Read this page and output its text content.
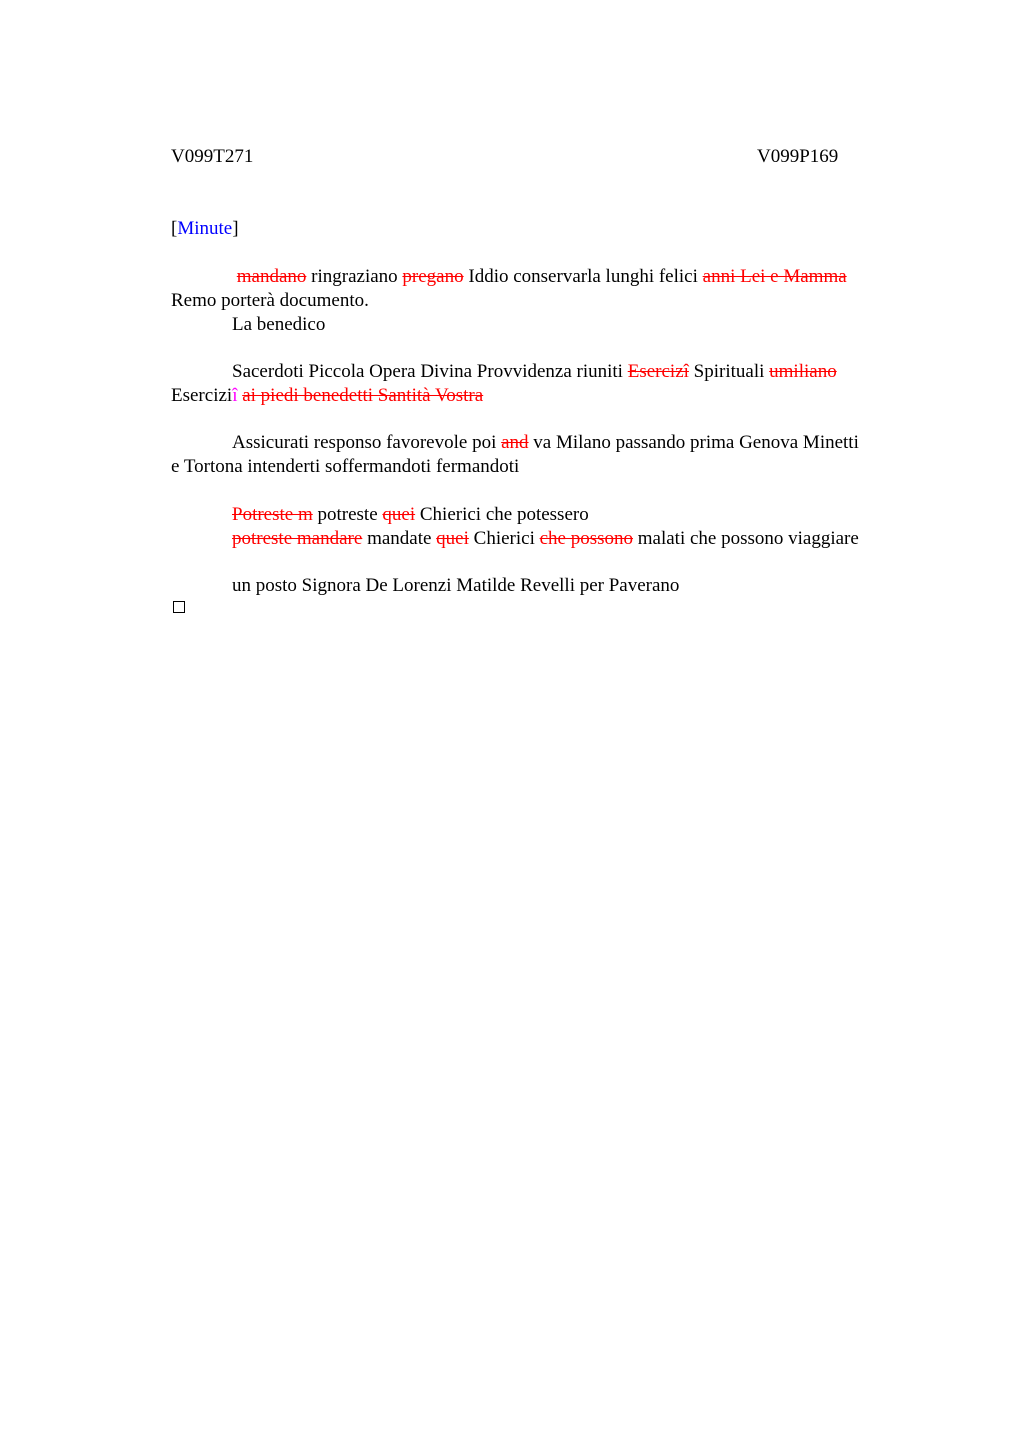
V099T271	V099P169
[Minute]
mandano ringraziano pregano Iddio conservarla lunghi felici anni Lei e Mamma
Remo porterà documento.
La benedico
Sacerdoti Piccola Opera Divina Provvidenza riuniti Esercizî Spirituali umiliano
Eserciziî ai piedi benedetti Santità Vostra
Assicurati responso favorevole poi and va Milano passando prima Genova Minetti
e Tortona intenderti soffermandoti fermandoti
Potreste m potreste quei Chierici che potessero
potreste mandare mandate quei Chierici che possono malati che possono viaggiare
un posto Signora De Lorenzi Matilde Revelli per Paverano
